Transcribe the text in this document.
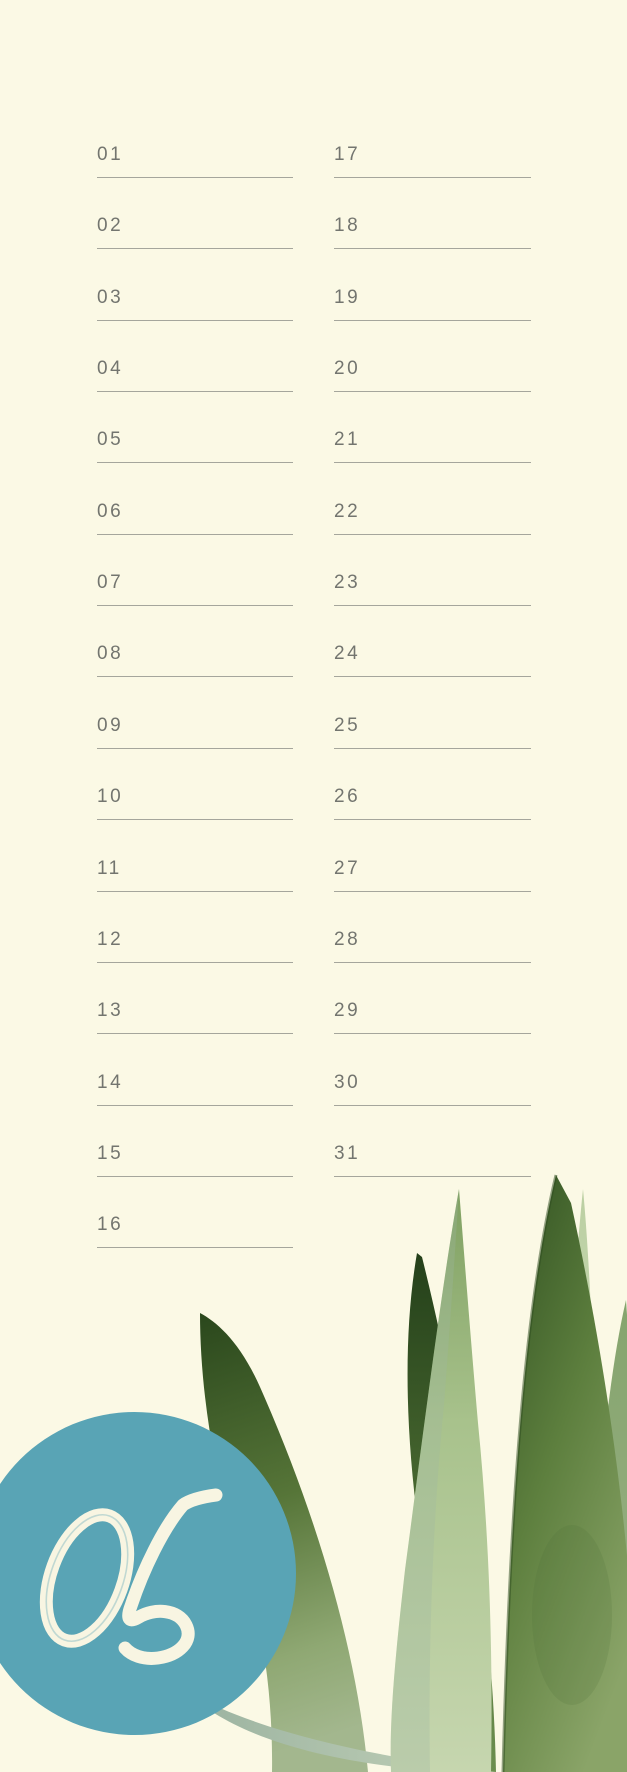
01
02
03
04
05
06
07
08
09
10
11
12
13
14
15
16
17
18
19
20
21
22
23
24
25
26
27
28
29
30
31
